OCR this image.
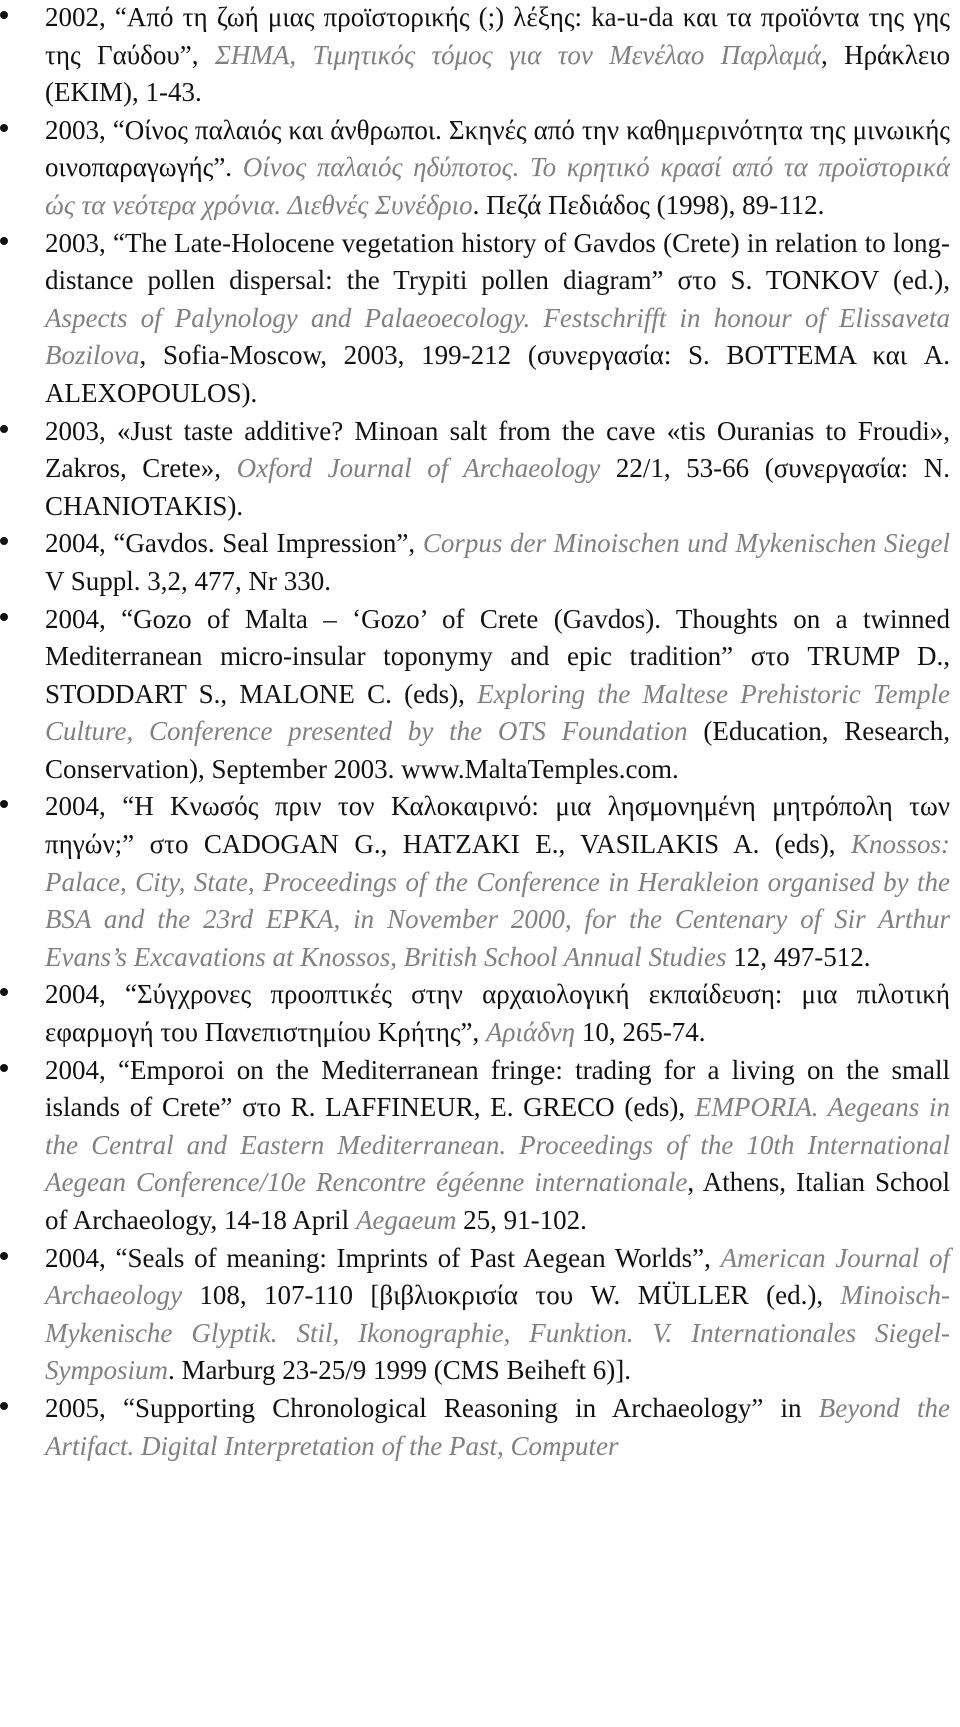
2002, “Από τη ζωή μιας προϊστορικής (;) λέξης: ka-u-da και τα προϊόντα της γης της Γαύδου”, ΣΗΜΑ, Τιμητικός τόμος για τον Μενέλαο Παρλαμά, Ηράκλειο (ΕΚΙΜ), 1-43.
2003, “Οίνος παλαιός και άνθρωποι. Σκηνές από την καθημερινότητα της μινωικής οινοπαραγωγής”. Οίνος παλαιός ηδύποτος. Το κρητικό κρασί από τα προϊστορικά ώς τα νεότερα χρόνια. Διεθνές Συνέδριο. Πεζά Πεδιάδος (1998), 89-112.
2003, “The Late-Holocene vegetation history of Gavdos (Crete) in relation to long-distance pollen dispersal: the Trypiti pollen diagram” στο S. TONKOV (ed.), Aspects of Palynology and Palaeoecology. Festschrifft in honour of Elissaveta Bozilova, Sofia-Moscow, 2003, 199-212 (συνεργασία: S. BOTTEMA και A. ALEXOPOULOS).
2003, «Just taste additive? Minoan salt from the cave «tis Ouranias to Froudi», Zakros, Crete», Oxford Journal of Archaeology 22/1, 53-66 (συνεργασία: N. CHANIOTAKIS).
2004, “Gavdos. Seal Impression”, Corpus der Minoischen und Mykenischen Siegel V Suppl. 3,2, 477, Nr 330.
2004, “Gozo of Malta – ‘Gozo’ of Crete (Gavdos). Thoughts on a twinned Mediterranean micro-insular toponymy and epic tradition” στο TRUMP D., STODDART S., MALONE C. (eds), Exploring the Maltese Prehistoric Temple Culture, Conference presented by the OTS Foundation (Education, Research, Conservation), September 2003. www.MaltaTemples.com.
2004, “Η Κνωσός πριν τον Καλοκαιρινό: μια λησμονημένη μητρόπολη των πηγών;” στο CADOGAN G., HATZAKI E., VASILAKIS A. (eds), Knossos: Palace, City, State, Proceedings of the Conference in Herakleion organised by the BSA and the 23rd EPKA, in November 2000, for the Centenary of Sir Arthur Evans’s Excavations at Knossos, British School Annual Studies 12, 497-512.
2004, “Σύγχρονες προοπτικές στην αρχαιολογική εκπαίδευση: μια πιλοτική εφαρμογή του Πανεπιστημίου Κρήτης”, Αριάδνη 10, 265-74.
2004, “Emporoi on the Mediterranean fringe: trading for a living on the small islands of Crete” στο R. LAFFINEUR, E. GRECO (eds), EMPORIA. Aegeans in the Central and Eastern Mediterranean. Proceedings of the 10th International Aegean Conference/10e Rencontre égéenne internationale, Athens, Italian School of Archaeology, 14-18 April Aegaeum 25, 91-102.
2004, “Seals of meaning: Imprints of Past Aegean Worlds”, American Journal of Archaeology 108, 107-110 [βιβλιοκρισία του W. MÜLLER (ed.), Minoisch-Mykenische Glyptik. Stil, Ikonographie, Funktion. V. Internationales Siegel-Symposium. Marburg 23-25/9 1999 (CMS Beiheft 6)].
2005, “Supporting Chronological Reasoning in Archaeology” in Beyond the Artifact. Digital Interpretation of the Past, Computer
